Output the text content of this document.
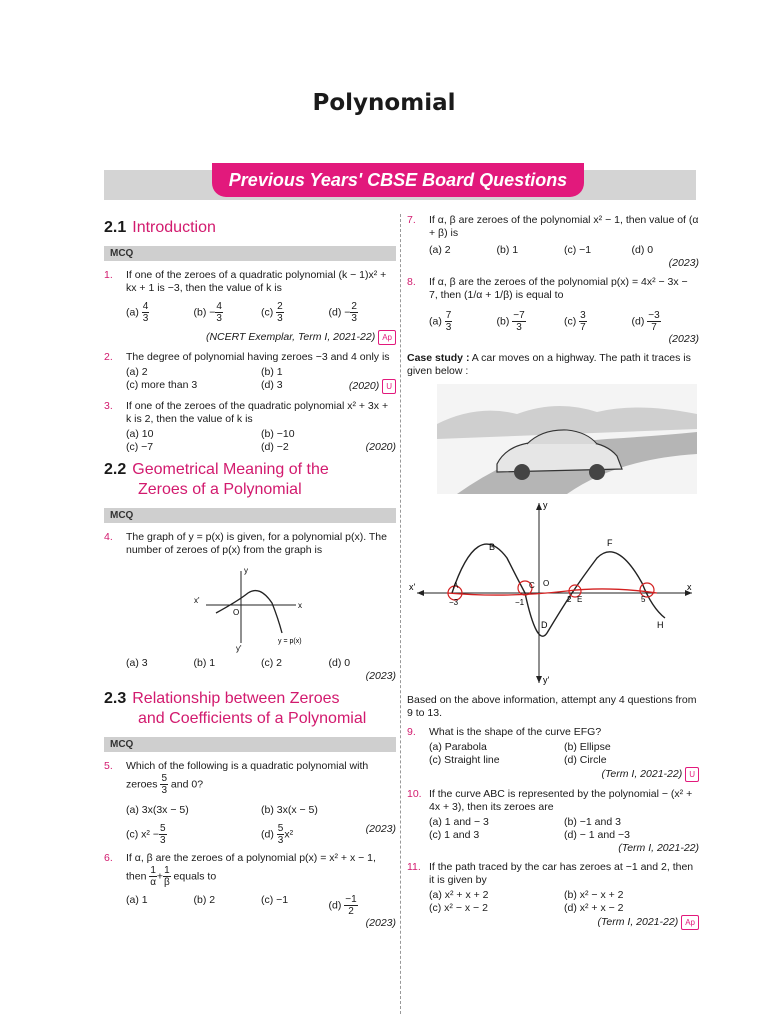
Polynomial
Previous Years' CBSE Board Questions
2.1 Introduction
MCQ
1. If one of the zeroes of a quadratic polynomial (k − 1)x² + kx + 1 is −3, then the value of k is
$(a) \frac{4}{3}$	$(b) - \frac{4}{3}$	$(c) \frac{2}{3}$	$(d) - \frac{2}{3}$
(NCERT Exemplar, Term I, 2021-22) Ap
2. The degree of polynomial having zeroes −3 and 4 only is
(a) 2	(b) 1
(c) more than 3	(d) 3	(2020) U
3. If one of the zeroes of the quadratic polynomial x² + 3x + k is 2, then the value of k is
(a) 10	(b) −10
(c) −7	(d) −2	(2020)
2.2 Geometrical Meaning of the
Zeroes of a Polynomial
MCQ
4. The graph of y = p(x) is given, for a polynomial p(x). The number of zeroes of p(x) from the graph is
y
x
x'
y'
O
y = p(x)
(a) 3	(b) 1	(c) 2	(d) 0
(2023)
2.3 Relationship between Zeroes
and Coefficients of a Polynomial
MCQ
5. Which of the following is a quadratic polynomial with zeroes $\frac{5}{3}$ and 0?
(a) 3x(3x − 5)	(b) 3x(x − 5)
(c) $x^2 - \frac{5}{3}$	$(d) \frac{5}{3} x^2$	(2023)
6. If α, β are the zeroes of a polynomial p(x) = x² + x − 1, then $\frac{1}{\alpha} + \frac{1}{\beta}$ equals to
(a) 1	(b) 2	(c) −1	$(d) \frac{-1}{2}$
(2023)
7. If α, β are zeroes of the polynomial x² − 1, then value of (α + β) is
(a) 2	(b) 1	(c) −1	(d) 0
(2023)
8. If α, β are the zeroes of the polynomial p(x) = 4x² − 3x − 7, then (1/α + 1/β) is equal to
$(a) \frac{7}{3}$	$(b) \frac{-7}{3}$	$(c) \frac{3}{7}$	$(d) \frac{-3}{7}$
(2023)
Case study : A car moves on a highway. The path it traces is given below :
y
y'
x
x'
B	F
O
D	H
C
E
A
−3	−1	2	5
Based on the above information, attempt any 4 questions from 9 to 13.
9. What is the shape of the curve EFG?
(a) Parabola	(b) Ellipse
(c) Straight line	(d) Circle
(Term I, 2021-22) U
10. If the curve ABC is represented by the polynomial − (x² + 4x + 3), then its zeroes are
(a) 1 and − 3	(b) −1 and 3
(c) 1 and 3	(d) − 1 and −3
(Term I, 2021-22)
11. If the path traced by the car has zeroes at −1 and 2, then it is given by
(a) x² + x + 2	(b) x² − x + 2
(c) x² − x − 2	(d) x² + x − 2
(Term I, 2021-22) Ap
